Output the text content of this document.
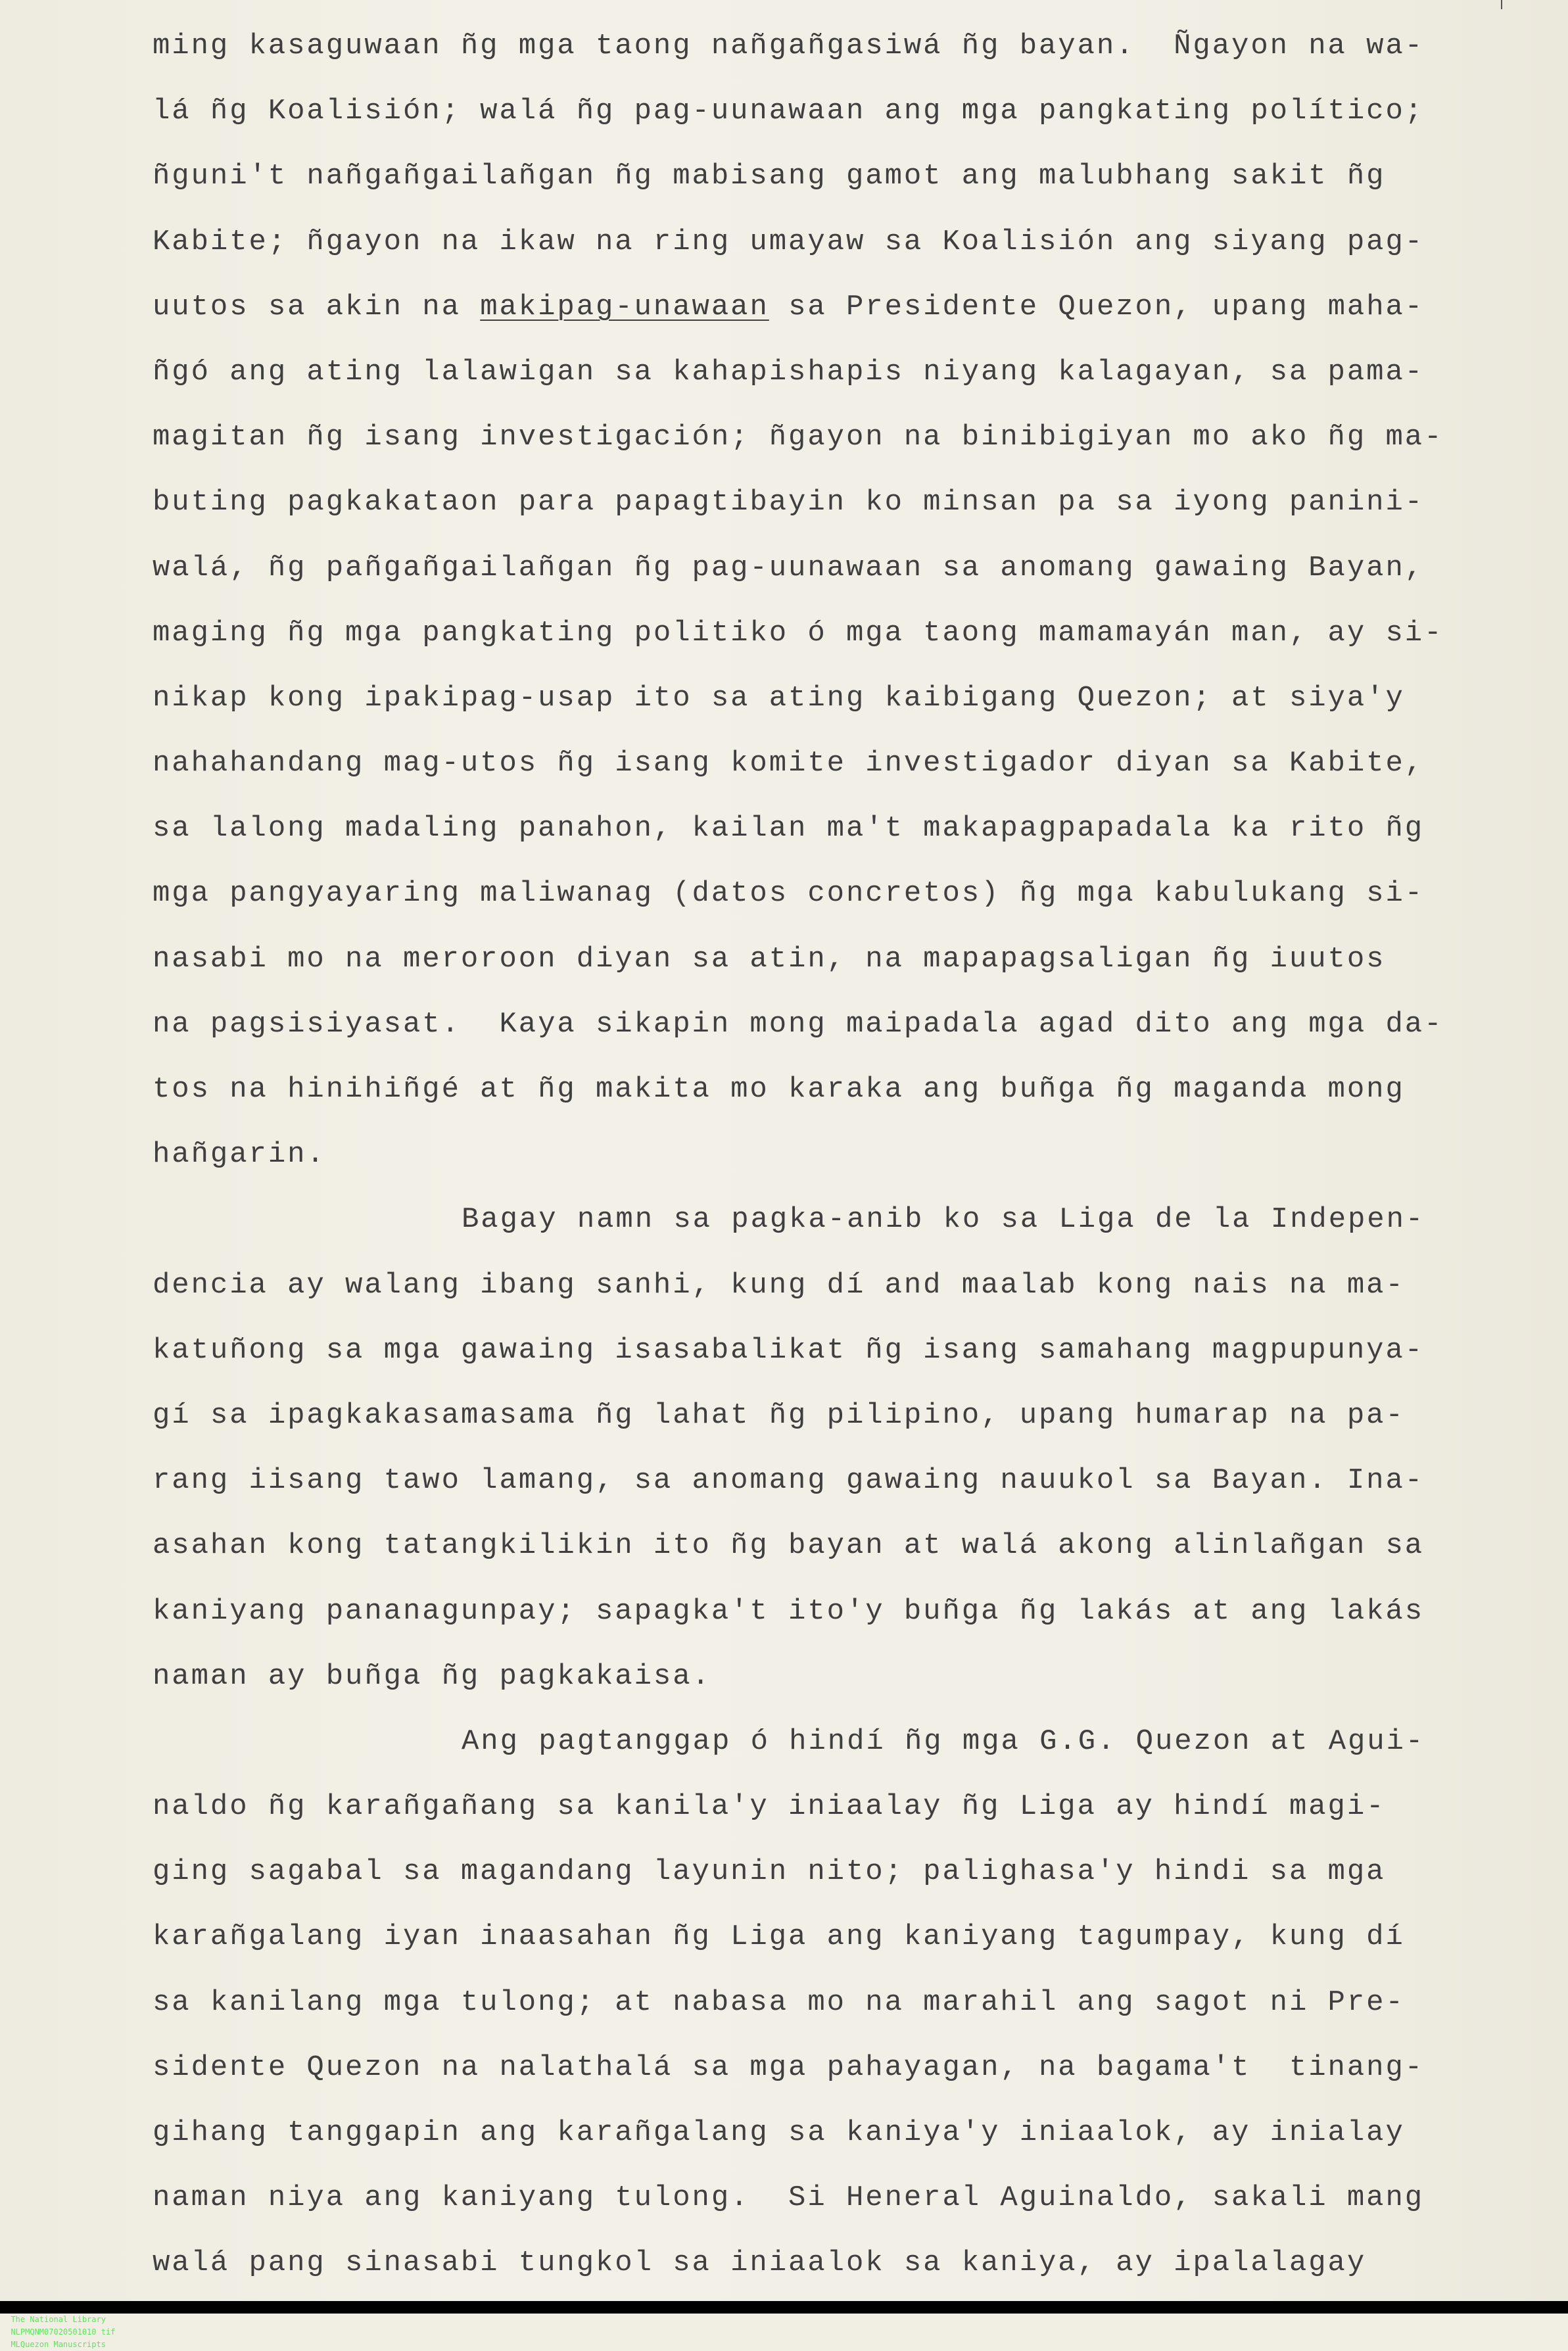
ming kasaguwaan ñg mga taong nañgañgasiwá ñg bayan.  Ñgayon na wa-
lá ñg Koalisión; walá ñg pag-uunawaan ang mga pangkating político;
ñguni't nañgañgailañgan ñg mabisang gamot ang malubhang sakit ñg
Kabite; ñgayon na ikaw na ring umayaw sa Koalisión ang siyang pag-
uutos sa akin na makipag-unawaan sa Presidente Quezon, upang maha-
ñgó ang ating lalawigan sa kahapishapis niyang kalagayan, sa pama-
magitan ñg isang investigación; ñgayon na binibigiyan mo ako ñg ma-
buting pagkakataon para papagtibayin ko minsan pa sa iyong panini-
walá, ñg pañgañgailañgan ñg pag-uunawaan sa anomang gawaing Bayan,
maging ñg mga pangkating politiko ó mga taong mamamayán man, ay si-
nikap kong ipakipag-usap ito sa ating kaibigang Quezon; at siya'y
nahahandang mag-utos ñg isang komite investigador diyan sa Kabite,
sa lalong madaling panahon, kailan ma't makapagpapadala ka rito ñg
mga pangyayaring maliwanag (datos concretos) ñg mga kabulukang si-
nasabi mo na meroroon diyan sa atin, na mapapagsaligan ñg iuutos
na pagsisiyasat.  Kaya sikapin mong maipadala agad dito ang mga da-
tos na hinihiñgé at ñg makita mo karaka ang buñga ñg maganda mong
hañgarin.
Bagay namn sa pagka-anib ko sa Liga de la Indepen-
dencia ay walang ibang sanhi, kung dí and maalab kong nais na ma-
katuñong sa mga gawaing isasabalikat ñg isang samahang magpupunya-
gí sa ipagkakasamasama ñg lahat ñg pilipino, upang humarap na pa-
rang iisang tawo lamang, sa anomang gawaing nauukol sa Bayan. Ina-
asahan kong tatangkilikin ito ñg bayan at walá akong alinlañgan sa
kaniyang pananagunpay; sapagka't ito'y buñga ñg lakás at ang lakás
naman ay buñga ñg pagkakaisa.
Ang pagtanggap ó hindí ñg mga G.G. Quezon at Agui-
naldo ñg karañgañang sa kanila'y iniaalay ñg Liga ay hindí magi-
ging sagabal sa magandang layunin nito; palighasa'y hindi sa mga
karañgalang iyan inaasahan ñg Liga ang kaniyang tagumpay, kung dí
sa kanilang mga tulong; at nabasa mo na marahil ang sagot ni Pre-
sidente Quezon na nalathalá sa mga pahayagan, na bagama't  tinang-
gihang tanggapin ang karañgalang sa kaniya'y iniaalok, ay inialay
naman niya ang kaniyang tulong.  Si Heneral Aguinaldo, sakali mang
walá pang sinasabi tungkol sa iniaalok sa kaniya, ay ipalalagay

The National Library
NLPMQNM07020501010 tif
MLQuezon Manuscripts
